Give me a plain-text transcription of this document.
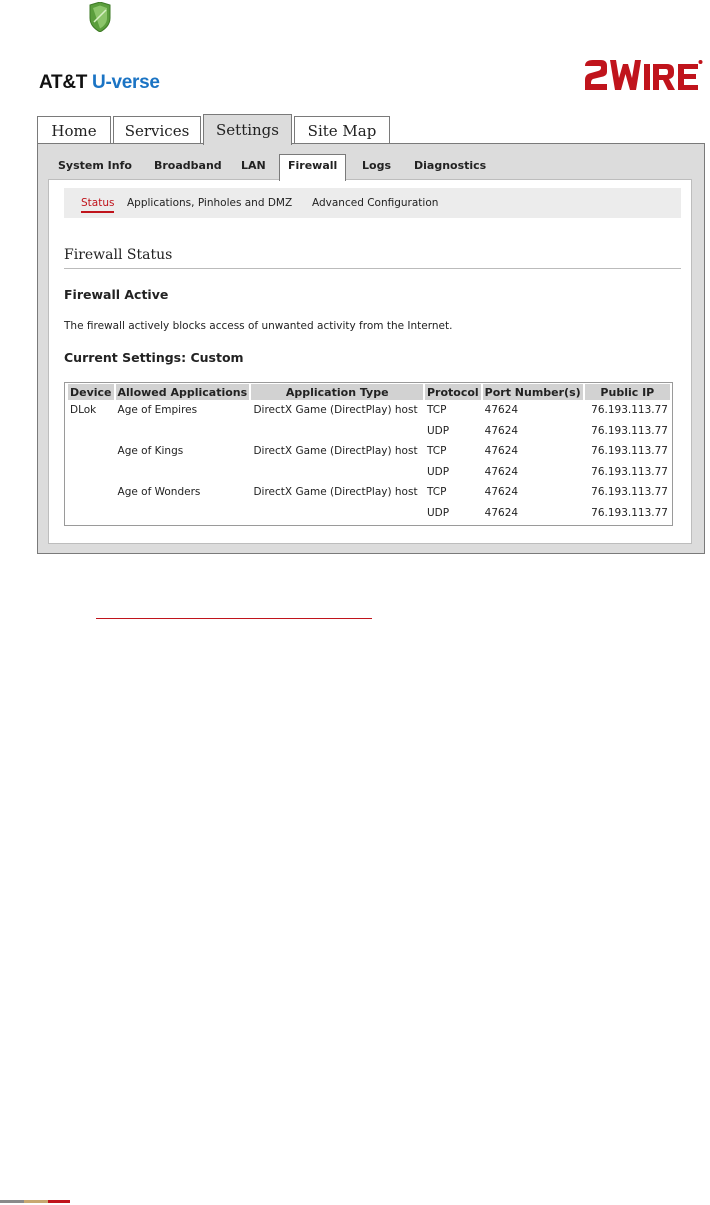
AT&T U-verse
Home	Services	Settings	Site Map
System Info Broadband LAN	Firewall	Logs Diagnostics
Status Applications, Pinholes and DMZ Advanced Configuration
Firewall Status
Firewall Active
The firewall actively blocks access of unwanted activity from the Internet.
Current Settings: Custom
Device	Allowed Applications	Application Type	Protocol	Port Number(s)	Public IP
DLok	Age of Empires	DirectX Game (DirectPlay) host	TCP	47624	76.193.113.77
			UDP	47624	76.193.113.77
	Age of Kings	DirectX Game (DirectPlay) host	TCP	47624	76.193.113.77
			UDP	47624	76.193.113.77
	Age of Wonders	DirectX Game (DirectPlay) host	TCP	47624	76.193.113.77
			UDP	47624	76.193.113.77
